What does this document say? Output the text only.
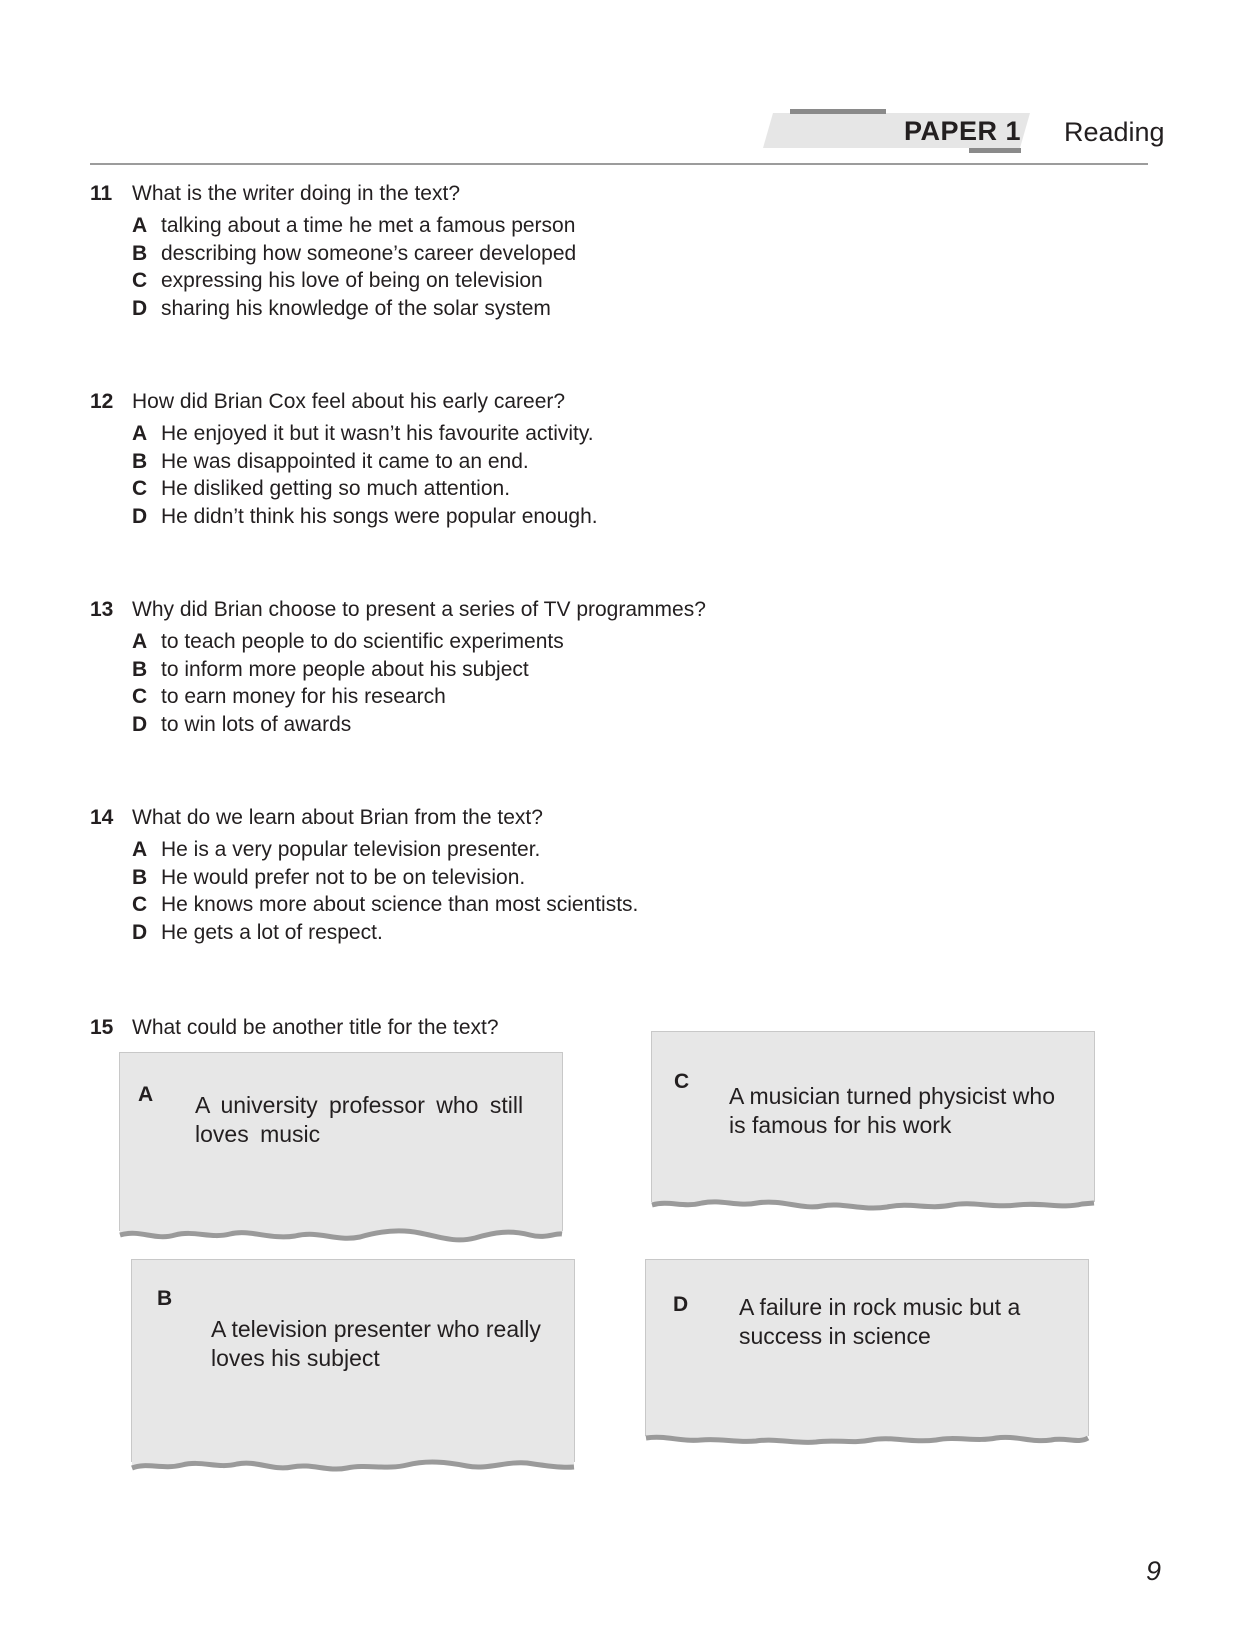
PAPER 1 Reading
11 What is the writer doing in the text?
A talking about a time he met a famous person
B describing how someone’s career developed
C expressing his love of being on television
D sharing his knowledge of the solar system
12 How did Brian Cox feel about his early career?
A He enjoyed it but it wasn’t his favourite activity.
B He was disappointed it came to an end.
C He disliked getting so much attention.
D He didn’t think his songs were popular enough.
13 Why did Brian choose to present a series of TV programmes?
A to teach people to do scientific experiments
B to inform more people about his subject
C to earn money for his research
D to win lots of awards
14 What do we learn about Brian from the text?
A He is a very popular television presenter.
B He would prefer not to be on television.
C He knows more about science than most scientists.
D He gets a lot of respect.
15 What could be another title for the text?
A A university professor who still
loves music
C
A musician turned physicist who
is famous for his work
B
A television presenter who really
loves his subject
D A failure in rock music but a
success in science
9
